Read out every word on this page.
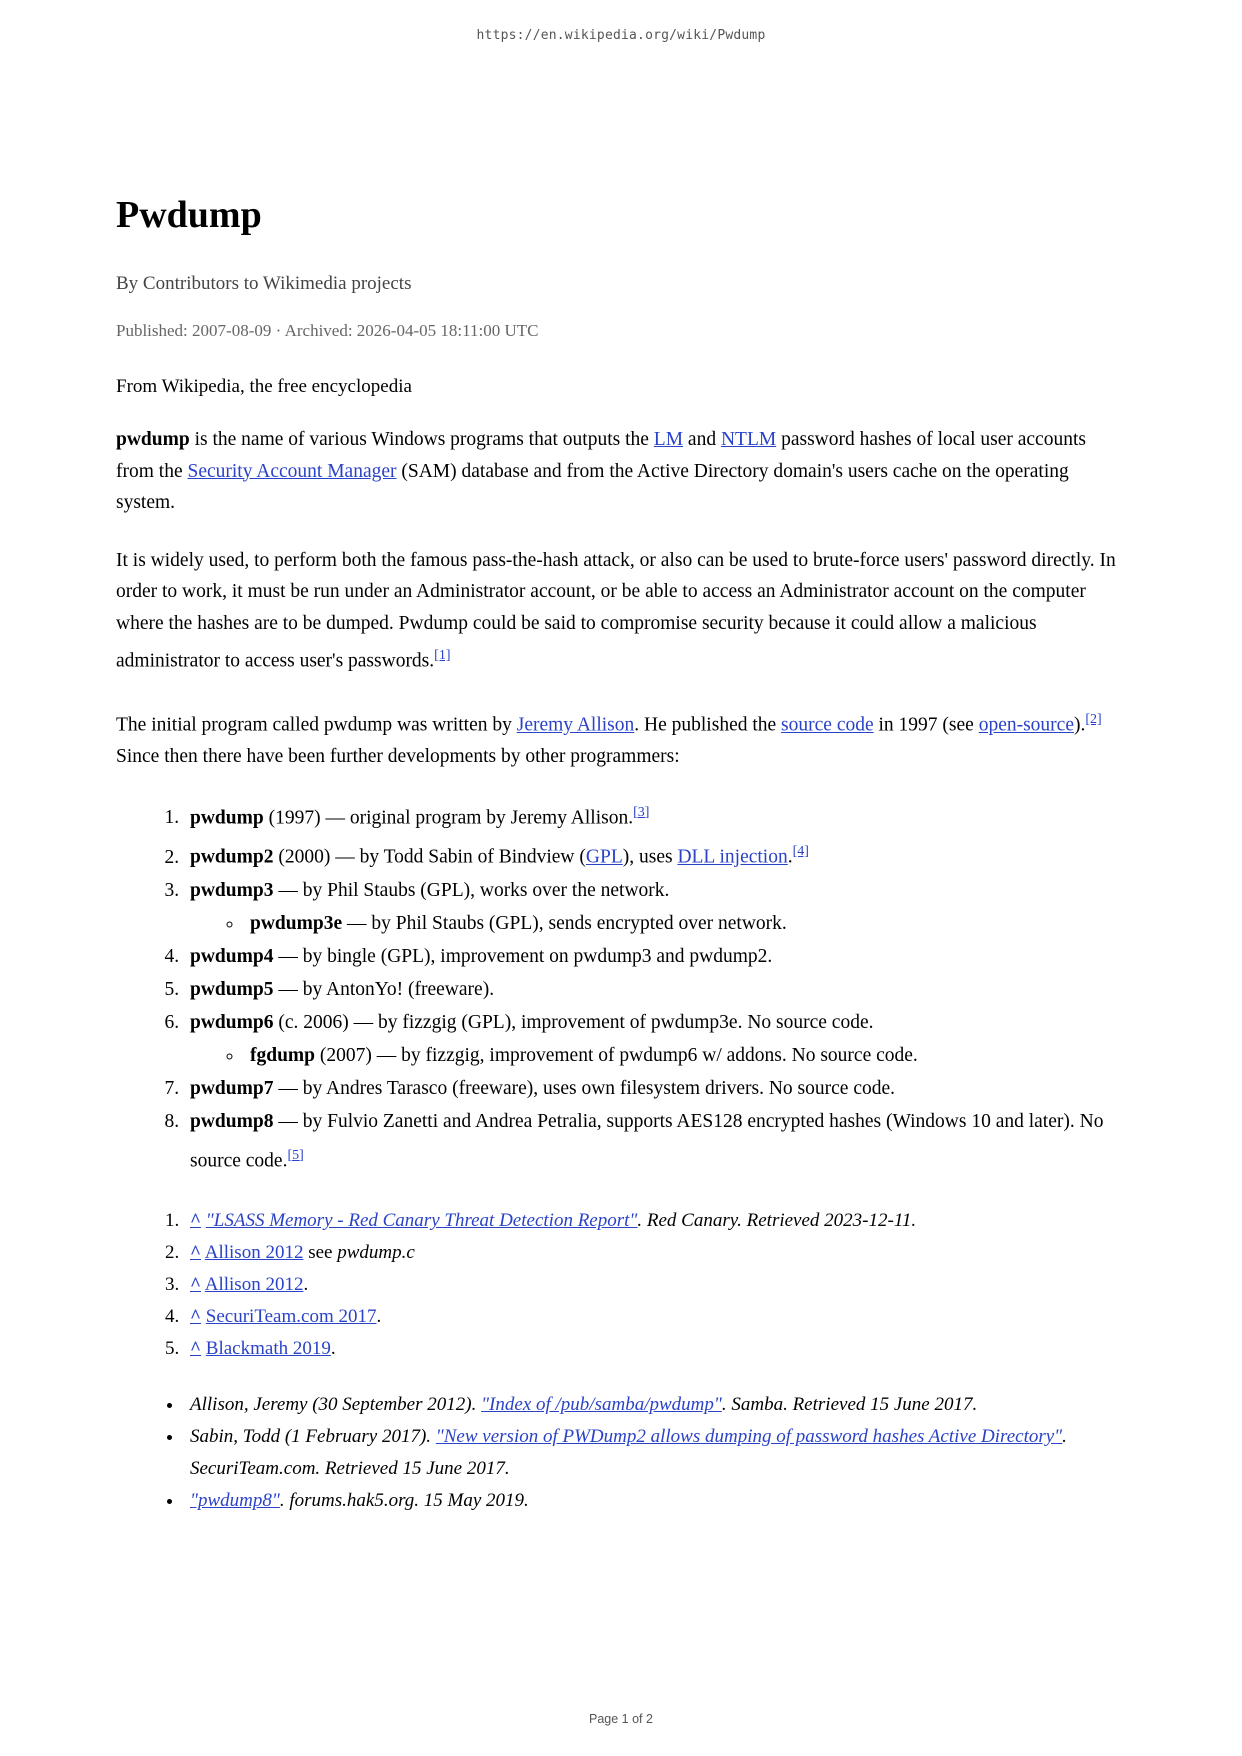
https://en.wikipedia.org/wiki/Pwdump
Pwdump
By Contributors to Wikimedia projects
Published: 2007-08-09 · Archived: 2026-04-05 18:11:00 UTC
From Wikipedia, the free encyclopedia

pwdump is the name of various Windows programs that outputs the LM and NTLM password hashes of local user accounts from the Security Account Manager (SAM) database and from the Active Directory domain's users cache on the operating system.

It is widely used, to perform both the famous pass-the-hash attack, or also can be used to brute-force users' password directly. In order to work, it must be run under an Administrator account, or be able to access an Administrator account on the computer where the hashes are to be dumped. Pwdump could be said to compromise security because it could allow a malicious administrator to access user's passwords.[1]

The initial program called pwdump was written by Jeremy Allison. He published the source code in 1997 (see open-source).[2] Since then there have been further developments by other programmers:

1. pwdump (1997) — original program by Jeremy Allison.[3]
2. pwdump2 (2000) — by Todd Sabin of Bindview (GPL), uses DLL injection.[4]
3. pwdump3 — by Phil Staubs (GPL), works over the network.
◦ pwdump3e — by Phil Staubs (GPL), sends encrypted over network.
4. pwdump4 — by bingle (GPL), improvement on pwdump3 and pwdump2.
5. pwdump5 — by AntonYo! (freeware).
6. pwdump6 (c. 2006) — by fizzgig (GPL), improvement of pwdump3e. No source code.
◦ fgdump (2007) — by fizzgig, improvement of pwdump6 w/ addons. No source code.
7. pwdump7 — by Andres Tarasco (freeware), uses own filesystem drivers. No source code.
8. pwdump8 — by Fulvio Zanetti and Andrea Petralia, supports AES128 encrypted hashes (Windows 10 and later). No source code.[5]
1. ^ "LSASS Memory - Red Canary Threat Detection Report". Red Canary. Retrieved 2023-12-11.
2. ^ Allison 2012 see pwdump.c
3. ^ Allison 2012.
4. ^ SecuriTeam.com 2017.
5. ^ Blackmath 2019.
• Allison, Jeremy (30 September 2012). "Index of /pub/samba/pwdump". Samba. Retrieved 15 June 2017.
• Sabin, Todd (1 February 2017). "New version of PWDump2 allows dumping of password hashes Active Directory". SecuriTeam.com. Retrieved 15 June 2017.
• "pwdump8". forums.hak5.org. 15 May 2019.
Page 1 of 2
